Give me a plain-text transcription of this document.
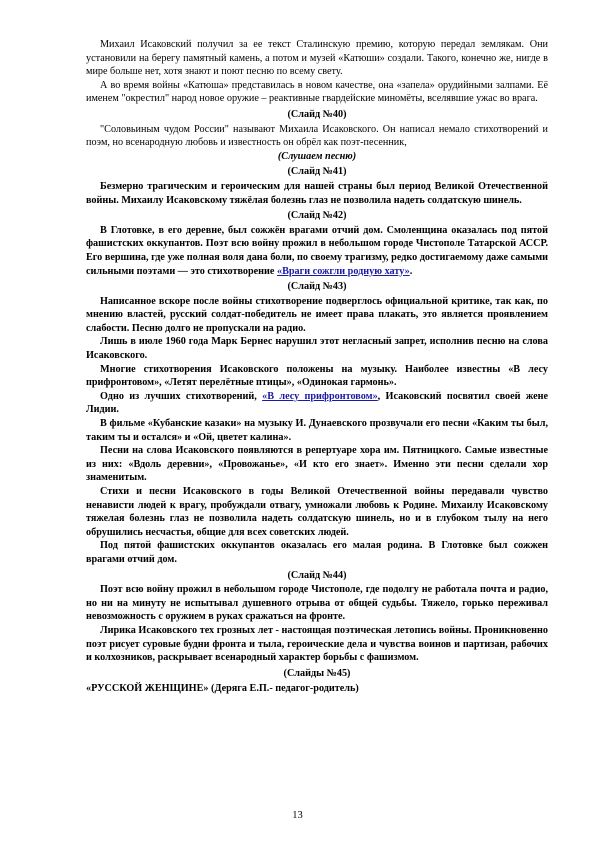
Михаил Исаковский получил за ее текст Сталинскую премию, которую передал землякам. Они установили на берегу памятный камень, а потом и музей «Катюши» создали. Такого, конечно же, нигде в мире больше нет, хотя знают и поют песню по всему свету.

А во время войны «Катюша» представилась в новом качестве, она «запела» орудийными залпами. Её именем "окрестил" народ новое оружие – реактивные гвардейские миномёты, вселявшие ужас во врага.

(Слайд №40)

"Соловьиным чудом России" называют Михаила Исаковского. Он написал немало стихотворений и поэм, но всенародную любовь и известность он обрёл как поэт-песенник,

(Слушаем песню)
(Слайд №41)

Безмерно трагическим и героическим для нашей страны был период Великой Отечественной войны. Михаилу Исаковскому тяжёлая болезнь глаз не позволила надеть солдатскую шинель.

(Слайд №42)

В Глотовке, в его деревне, был сожжён врагами отчий дом. Смоленщина оказалась под пятой фашистских оккупантов. Поэт всю войну прожил в небольшом городе Чистополе Татарской АССР. Его вершина, где уже полная воля дана боли, по своему трагизму, редко достигаемому даже самыми сильными поэтами — это стихотворение «Враги сожгли родную хату».

(Слайд №43)

Написанное вскоре после войны стихотворение подверглось официальной критике, так как, по мнению властей, русский солдат-победитель не имеет права плакать, это является проявлением слабости. Песню долго не пропускали на радио.

Лишь в июле 1960 года Марк Бернес нарушил этот негласный запрет, исполнив песню на слова Исаковского.

Многие стихотворения Исаковского положены на музыку. Наиболее известны «В лесу прифронтовом», «Летят перелётные птицы», «Одинокая гармонь».

Одно из лучших стихотворений, «В лесу прифронтовом», Исаковский посвятил своей жене Лидии.

В фильме «Кубанские казаки» на музыку И. Дунаевского прозвучали его песни «Каким ты был, таким ты и остался» и «Ой, цветет калина».

Песни на слова Исаковского появляются в репертуаре хора им. Пятницкого. Самые известные из них: «Вдоль деревни», «Провожанье», «И кто его знает». Именно эти песни сделали хор знаменитым.

Стихи и песни Исаковского в годы Великой Отечественной войны передавали чувство ненависти людей к врагу, пробуждали отвагу, умножали любовь к Родине. Михаилу Исаковскому тяжелая болезнь глаз не позволила надеть солдатскую шинель, но и в глубоком тылу на него обрушились несчастья, общие для всех советских людей.

Под пятой фашистских оккупантов оказалась его малая родина. В Глотовке был сожжен врагами отчий дом.

(Слайд №44)

Поэт всю войну прожил в небольшом городе Чистополе, где подолгу не работала почта и радио, но ни на минуту не испытывал душевного отрыва от общей судьбы. Тяжело, горько переживал невозможность с оружием в руках сражаться на фронте.

Лирика Исаковского тех грозных лет - настоящая поэтическая летопись войны. Проникновенно поэт рисует суровые будни фронта и тыла, героические дела и чувства воинов и партизан, рабочих и колхозников, раскрывает всенародный характер борьбы с фашизмом.

(Слайды №45)
«РУССКОЙ ЖЕНЩИНЕ» (Деряга Е.П.- педагог-родитель)
13
